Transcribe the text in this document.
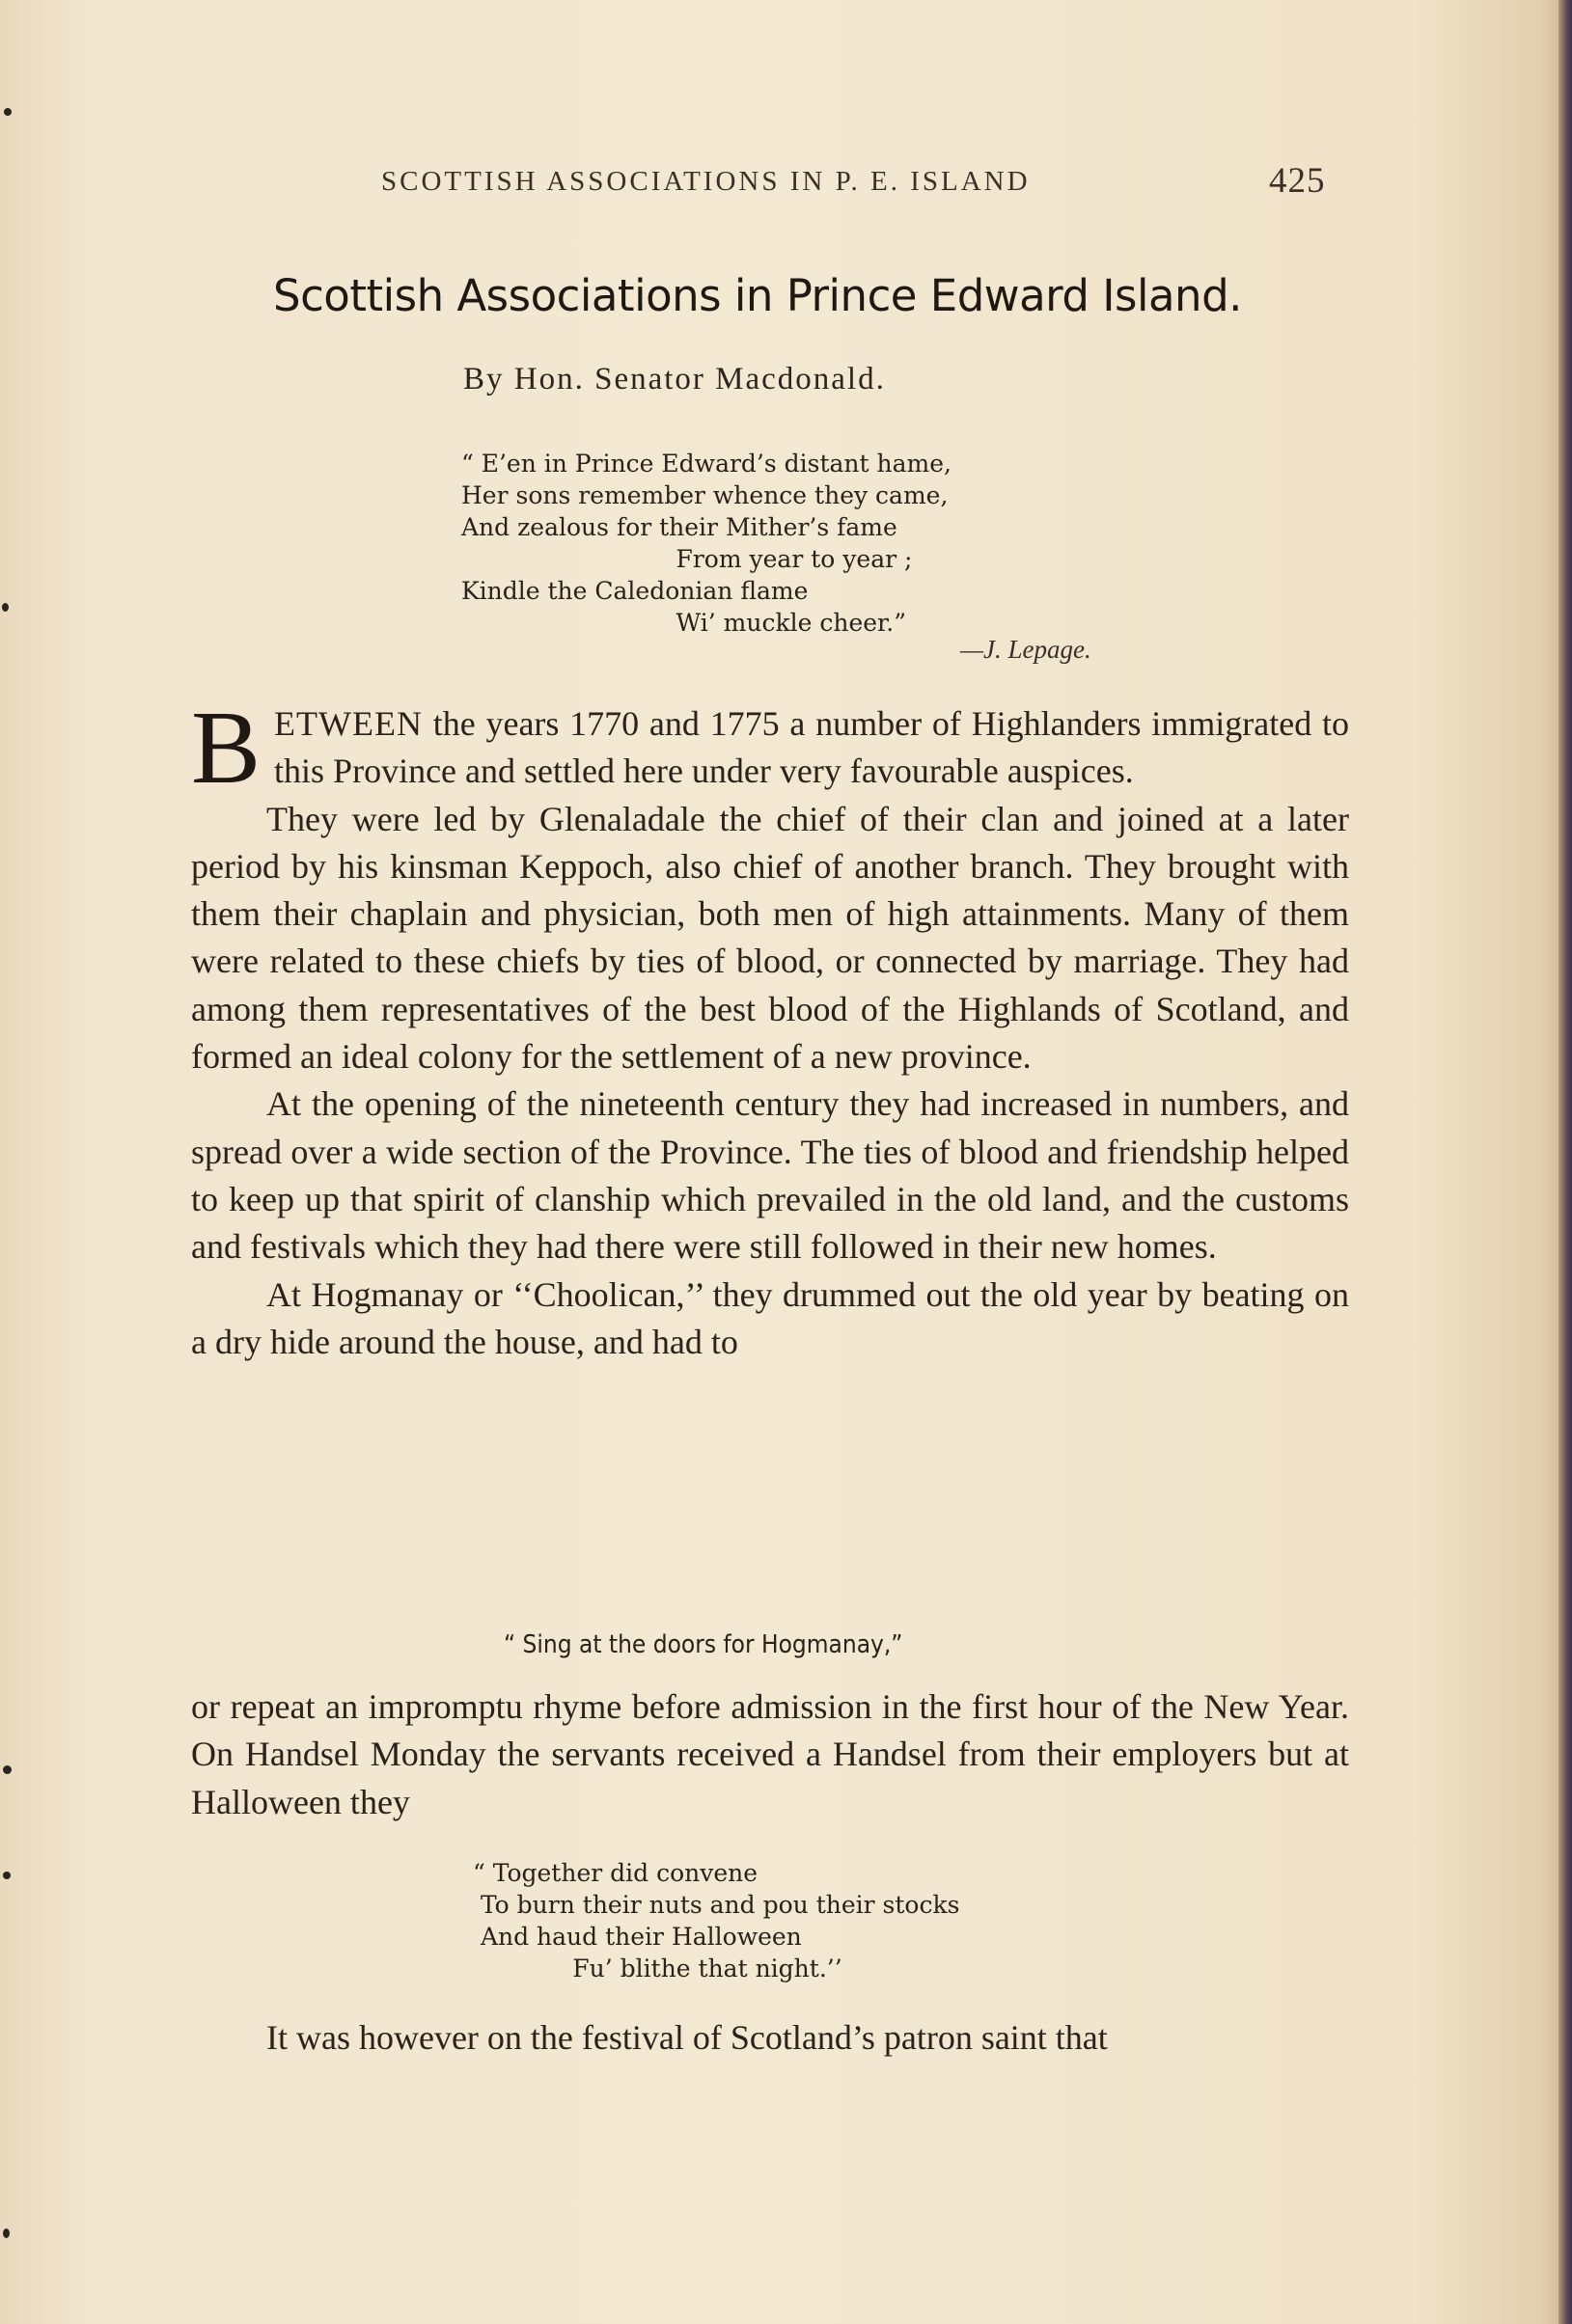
SCOTTISH ASSOCIATIONS IN P. E. ISLAND	425
Scottish Associations in Prince Edward Island.
By Hon. Senator Macdonald.
“ E’en in Prince Edward’s distant hame,
Her sons remember whence they came,
And zealous for their Mither’s fame
From year to year ;
Kindle the Caledonian flame
Wi’ muckle cheer.”
—J. Lepage.

BETWEEN the years 1770 and 1775 a number of Highlanders immigrated to this Province and settled here under very favourable auspices.

They were led by Glenaladale the chief of their clan and joined at a later period by his kinsman Keppoch, also chief of another branch. They brought with them their chaplain and physician, both men of high attainments. Many of them were related to these chiefs by ties of blood, or connected by marriage. They had among them representatives of the best blood of the Highlands of Scotland, and formed an ideal colony for the settlement of a new province.

At the opening of the nineteenth century they had increased in numbers, and spread over a wide section of the Province. The ties of blood and friendship helped to keep up that spirit of clanship which prevailed in the old land, and the customs and festivals which they had there were still followed in their new homes.

At Hogmanay or ‘‘Choolican,’’ they drummed out the old year by beating on a dry hide around the house, and had to

“ Sing at the doors for Hogmanay,”

or repeat an impromptu rhyme before admission in the first hour of the New Year. On Handsel Monday the servants received a Handsel from their employers but at Halloween they

“ Together did convene
To burn their nuts and pou their stocks
And haud their Halloween
Fu’ blithe that night.’’

It was however on the festival of Scotland’s patron saint that
